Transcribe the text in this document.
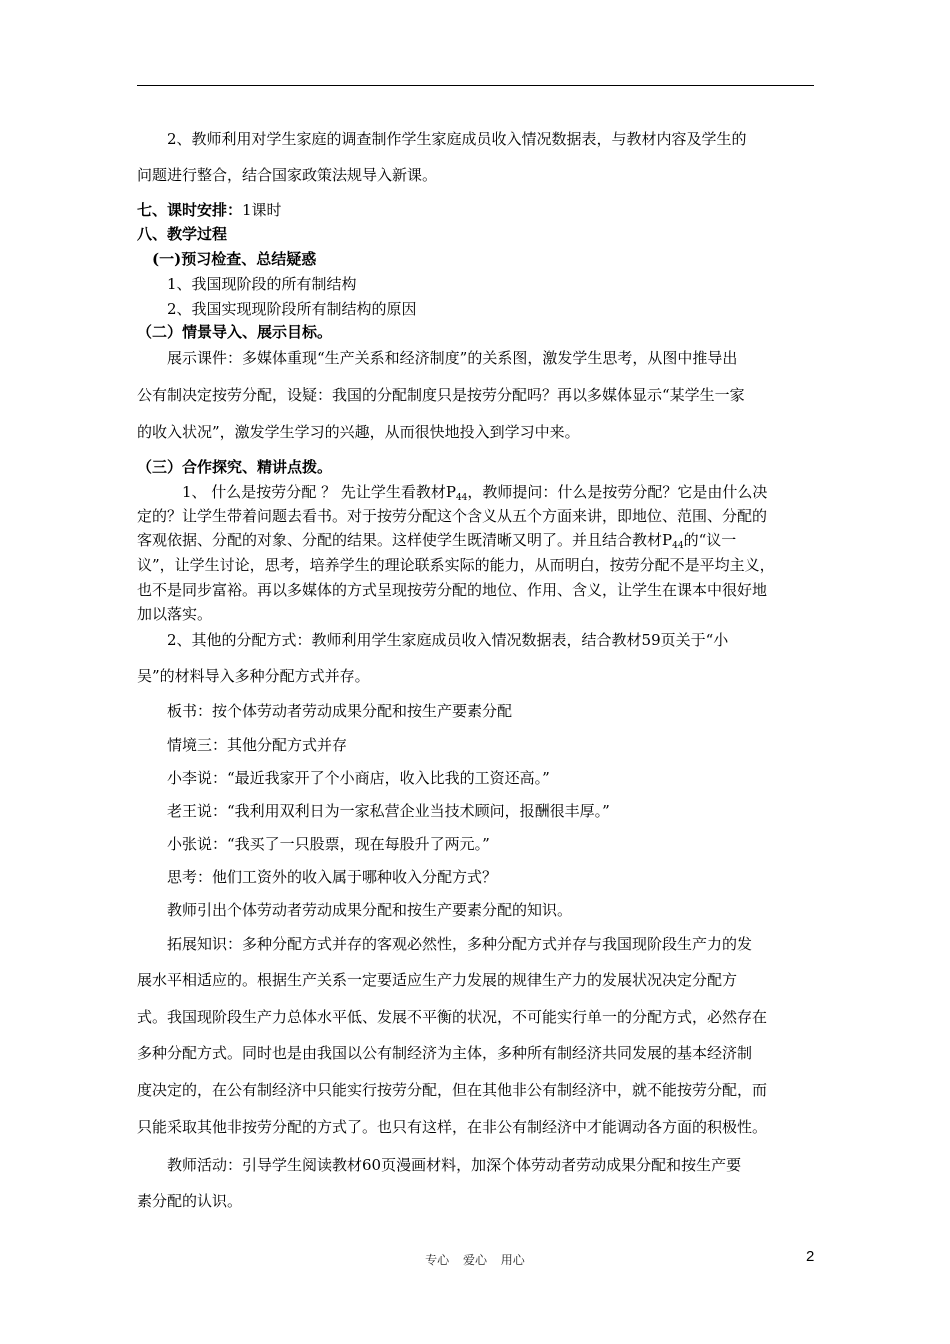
　　2、教师利用对学生家庭的调查制作学生家庭成员收入情况数据表，与教材内容及学生的
问题进行整合，结合国家政策法规导入新课。
七、课时安排：1课时
八、教学过程
　(一)预习检查、总结疑惑
　　1、我国现阶段的所有制结构
　　2、我国实现现阶段所有制结构的原因
（二）情景导入、展示目标。
　　展示课件：多媒体重现“生产关系和经济制度”的关系图，激发学生思考，从图中推导出
公有制决定按劳分配，设疑：我国的分配制度只是按劳分配吗？再以多媒体显示“某学生一家
的收入状况”，激发学生学习的兴趣，从而很快地投入到学习中来。
（三）合作探究、精讲点拨。
　　　1、 什么是按劳分配 ？ 先让学生看教材$P_{44}$，教师提问：什么是按劳分配？它是由什么决
定的？让学生带着问题去看书。对于按劳分配这个含义从五个方面来讲，即地位、范围、分配的
客观依据、分配的对象、分配的结果。这样使学生既清晰又明了。并且结合教材$P_{44}$的“议一
议”，让学生讨论，思考，培养学生的理论联系实际的能力，从而明白，按劳分配不是平均主义，
也不是同步富裕。再以多媒体的方式呈现按劳分配的地位、作用、含义，让学生在课本中很好地
加以落实。
　　2、其他的分配方式：教师利用学生家庭成员收入情况数据表，结合教材59页关于“小
吴”的材料导入多种分配方式并存。
　　板书：按个体劳动者劳动成果分配和按生产要素分配
　　情境三：其他分配方式并存
　　小李说：“最近我家开了个小商店，收入比我的工资还高。”
　　老王说：“我利用双利日为一家私营企业当技术顾问，报酬很丰厚。”
　　小张说：“我买了一只股票，现在每股升了两元。”
　　思考：他们工资外的收入属于哪种收入分配方式？
　　教师引出个体劳动者劳动成果分配和按生产要素分配的知识。
　　拓展知识：多种分配方式并存的客观必然性，多种分配方式并存与我国现阶段生产力的发
展水平相适应的。根据生产关系一定要适应生产力发展的规律生产力的发展状况决定分配方
式。我国现阶段生产力总体水平低、发展不平衡的状况，不可能实行单一的分配方式，必然存在
多种分配方式。同时也是由我国以公有制经济为主体，多种所有制经济共同发展的基本经济制
度决定的，在公有制经济中只能实行按劳分配，但在其他非公有制经济中，就不能按劳分配，而
只能采取其他非按劳分配的方式了。也只有这样，在非公有制经济中才能调动各方面的积极性。
　　教师活动：引导学生阅读教材60页漫画材料，加深个体劳动者劳动成果分配和按生产要
素分配的认识。
专心 爱心 用心	2
